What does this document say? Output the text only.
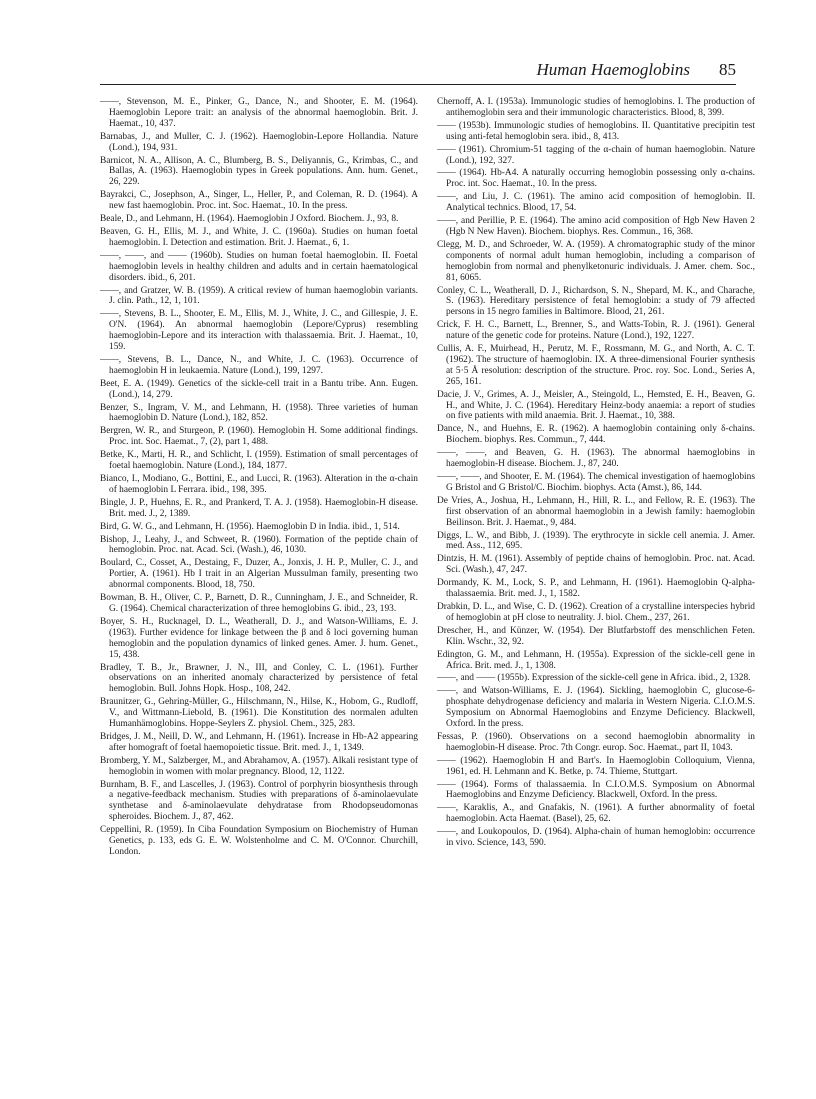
Human Haemoglobins 85

——, Stevenson, M. E., Pinker, G., Dance, N., and Shooter, E. M. (1964). Haemoglobin Lepore trait: an analysis of the abnormal haemoglobin. Brit. J. Haemat., 10, 437.

Barnabas, J., and Muller, C. J. (1962). Haemoglobin-Lepore Hollandia. Nature (Lond.), 194, 931.

Barnicot, N. A., Allison, A. C., Blumberg, B. S., Deliyannis, G., Krimbas, C., and Ballas, A. (1963). Haemoglobin types in Greek populations. Ann. hum. Genet., 26, 229.

Bayrakci, C., Josephson, A., Singer, L., Heller, P., and Coleman, R. D. (1964). A new fast haemoglobin. Proc. int. Soc. Haemat., 10. In the press.

Beale, D., and Lehmann, H. (1964). Haemoglobin J Oxford. Biochem. J., 93, 8.

Beaven, G. H., Ellis, M. J., and White, J. C. (1960a). Studies on human foetal haemoglobin. I. Detection and estimation. Brit. J. Haemat., 6, 1.

——, ——, and —— (1960b). Studies on human foetal haemoglobin. II. Foetal haemoglobin levels in healthy children and adults and in certain haematological disorders. ibid., 6, 201.

——, and Gratzer, W. B. (1959). A critical review of human haemoglobin variants. J. clin. Path., 12, 1, 101.

——, Stevens, B. L., Shooter, E. M., Ellis, M. J., White, J. C., and Gillespie, J. E. O'N. (1964). An abnormal haemoglobin (Lepore/Cyprus) resembling haemoglobin-Lepore and its interaction with thalassaemia. Brit. J. Haemat., 10, 159.

——, Stevens, B. L., Dance, N., and White, J. C. (1963). Occurrence of haemoglobin H in leukaemia. Nature (Lond.), 199, 1297.

Beet, E. A. (1949). Genetics of the sickle-cell trait in a Bantu tribe. Ann. Eugen. (Lond.), 14, 279.

Benzer, S., Ingram, V. M., and Lehmann, H. (1958). Three varieties of human haemoglobin D. Nature (Lond.), 182, 852.

Bergren, W. R., and Sturgeon, P. (1960). Hemoglobin H. Some additional findings. Proc. int. Soc. Haemat., 7, (2), part 1, 488.

Betke, K., Marti, H. R., and Schlicht, I. (1959). Estimation of small percentages of foetal haemoglobin. Nature (Lond.), 184, 1877.

Bianco, I., Modiano, G., Bottini, E., and Lucci, R. (1963). Alteration in the α-chain of haemoglobin L Ferrara. ibid., 198, 395.

Bingle, J. P., Huehns, E. R., and Prankerd, T. A. J. (1958). Haemoglobin-H disease. Brit. med. J., 2, 1389.

Bird, G. W. G., and Lehmann, H. (1956). Haemoglobin D in India. ibid., 1, 514.

Bishop, J., Leahy, J., and Schweet, R. (1960). Formation of the peptide chain of hemoglobin. Proc. nat. Acad. Sci. (Wash.), 46, 1030.

Boulard, C., Cosset, A., Destaing, F., Duzer, A., Jonxis, J. H. P., Muller, C. J., and Portier, A. (1961). Hb I trait in an Algerian Mussulman family, presenting two abnormal components. Blood, 18, 750.

Bowman, B. H., Oliver, C. P., Barnett, D. R., Cunningham, J. E., and Schneider, R. G. (1964). Chemical characterization of three hemoglobins G. ibid., 23, 193.

Boyer, S. H., Rucknagel, D. L., Weatherall, D. J., and Watson-Williams, E. J. (1963). Further evidence for linkage between the β and δ loci governing human hemoglobin and the population dynamics of linked genes. Amer. J. hum. Genet., 15, 438.

Bradley, T. B., Jr., Brawner, J. N., III, and Conley, C. L. (1961). Further observations on an inherited anomaly characterized by persistence of fetal hemoglobin. Bull. Johns Hopk. Hosp., 108, 242.

Braunitzer, G., Gehring-Müller, G., Hilschmann, N., Hilse, K., Hobom, G., Rudloff, V., and Wittmann-Liebold, B. (1961). Die Konstitution des normalen adulten Humanhämoglobins. Hoppe-Seylers Z. physiol. Chem., 325, 283.

Bridges, J. M., Neill, D. W., and Lehmann, H. (1961). Increase in Hb-A2 appearing after homograft of foetal haemopoietic tissue. Brit. med. J., 1, 1349.

Bromberg, Y. M., Salzberger, M., and Abrahamov, A. (1957). Alkali resistant type of hemoglobin in women with molar pregnancy. Blood, 12, 1122.

Burnham, B. F., and Lascelles, J. (1963). Control of porphyrin biosynthesis through a negative-feedback mechanism. Studies with preparations of δ-aminolaevulate synthetase and δ-aminolaevulate dehydratase from Rhodopseudomonas spheroides. Biochem. J., 87, 462.

Ceppellini, R. (1959). In Ciba Foundation Symposium on Biochemistry of Human Genetics, p. 133, eds G. E. W. Wolstenholme and C. M. O'Connor. Churchill, London.

Chernoff, A. I. (1953a). Immunologic studies of hemoglobins. I. The production of antihemoglobin sera and their immunologic characteristics. Blood, 8, 399.

—— (1953b). Immunologic studies of hemoglobins. II. Quantitative precipitin test using anti-fetal hemoglobin sera. ibid., 8, 413.

—— (1961). Chromium-51 tagging of the α-chain of human haemoglobin. Nature (Lond.), 192, 327.

—— (1964). Hb-A4. A naturally occurring hemoglobin possessing only α-chains. Proc. int. Soc. Haemat., 10. In the press.

——, and Liu, J. C. (1961). The amino acid composition of hemoglobin. II. Analytical technics. Blood, 17, 54.

——, and Perillie, P. E. (1964). The amino acid composition of Hgb New Haven 2 (Hgb N New Haven). Biochem. biophys. Res. Commun., 16, 368.

Clegg, M. D., and Schroeder, W. A. (1959). A chromatographic study of the minor components of normal adult human hemoglobin, including a comparison of hemoglobin from normal and phenylketonuric individuals. J. Amer. chem. Soc., 81, 6065.

Conley, C. L., Weatherall, D. J., Richardson, S. N., Shepard, M. K., and Charache, S. (1963). Hereditary persistence of fetal hemoglobin: a study of 79 affected persons in 15 negro families in Baltimore. Blood, 21, 261.

Crick, F. H. C., Barnett, L., Brenner, S., and Watts-Tobin, R. J. (1961). General nature of the genetic code for proteins. Nature (Lond.), 192, 1227.

Cullis, A. F., Muirhead, H., Perutz, M. F., Rossmann, M. G., and North, A. C. T. (1962). The structure of haemoglobin. IX. A three-dimensional Fourier synthesis at 5·5 Å resolution: description of the structure. Proc. roy. Soc. Lond., Series A, 265, 161.

Dacie, J. V., Grimes, A. J., Meisler, A., Steingold, L., Hemsted, E. H., Beaven, G. H., and White, J. C. (1964). Hereditary Heinz-body anaemia: a report of studies on five patients with mild anaemia. Brit. J. Haemat., 10, 388.

Dance, N., and Huehns, E. R. (1962). A haemoglobin containing only δ-chains. Biochem. biophys. Res. Commun., 7, 444.

——, ——, and Beaven, G. H. (1963). The abnormal haemoglobins in haemoglobin-H disease. Biochem. J., 87, 240.

——, ——, and Shooter, E. M. (1964). The chemical investigation of haemoglobins G Bristol and G Bristol/C. Biochim. biophys. Acta (Amst.), 86, 144.

De Vries, A., Joshua, H., Lehmann, H., Hill, R. L., and Fellow, R. E. (1963). The first observation of an abnormal haemoglobin in a Jewish family: haemoglobin Beilinson. Brit. J. Haemat., 9, 484.

Diggs, L. W., and Bibb, J. (1939). The erythrocyte in sickle cell anemia. J. Amer. med. Ass., 112, 695.

Dintzis, H. M. (1961). Assembly of peptide chains of hemoglobin. Proc. nat. Acad. Sci. (Wash.), 47, 247.

Dormandy, K. M., Lock, S. P., and Lehmann, H. (1961). Haemoglobin Q-alpha-thalassaemia. Brit. med. J., 1, 1582.

Drabkin, D. L., and Wise, C. D. (1962). Creation of a crystalline interspecies hybrid of hemoglobin at pH close to neutrality. J. biol. Chem., 237, 261.

Drescher, H., and Künzer, W. (1954). Der Blutfarbstoff des menschlichen Feten. Klin. Wschr., 32, 92.

Edington, G. M., and Lehmann, H. (1955a). Expression of the sickle-cell gene in Africa. Brit. med. J., 1, 1308.

——, and —— (1955b). Expression of the sickle-cell gene in Africa. ibid., 2, 1328.

——, and Watson-Williams, E. J. (1964). Sickling, haemoglobin C, glucose-6-phosphate dehydrogenase deficiency and malaria in Western Nigeria. C.I.O.M.S. Symposium on Abnormal Haemoglobins and Enzyme Deficiency. Blackwell, Oxford. In the press.

Fessas, P. (1960). Observations on a second haemoglobin abnormality in haemoglobin-H disease. Proc. 7th Congr. europ. Soc. Haemat., part II, 1043.

—— (1962). Haemoglobin H and Bart's. In Haemoglobin Colloquium, Vienna, 1961, ed. H. Lehmann and K. Betke, p. 74. Thieme, Stuttgart.

—— (1964). Forms of thalassaemia. In C.I.O.M.S. Symposium on Abnormal Haemoglobins and Enzyme Deficiency. Blackwell, Oxford. In the press.

——, Karaklis, A., and Gnafakis, N. (1961). A further abnormality of foetal haemoglobin. Acta Haemat. (Basel), 25, 62.

——, and Loukopoulos, D. (1964). Alpha-chain of human hemoglobin: occurrence in vivo. Science, 143, 590.
